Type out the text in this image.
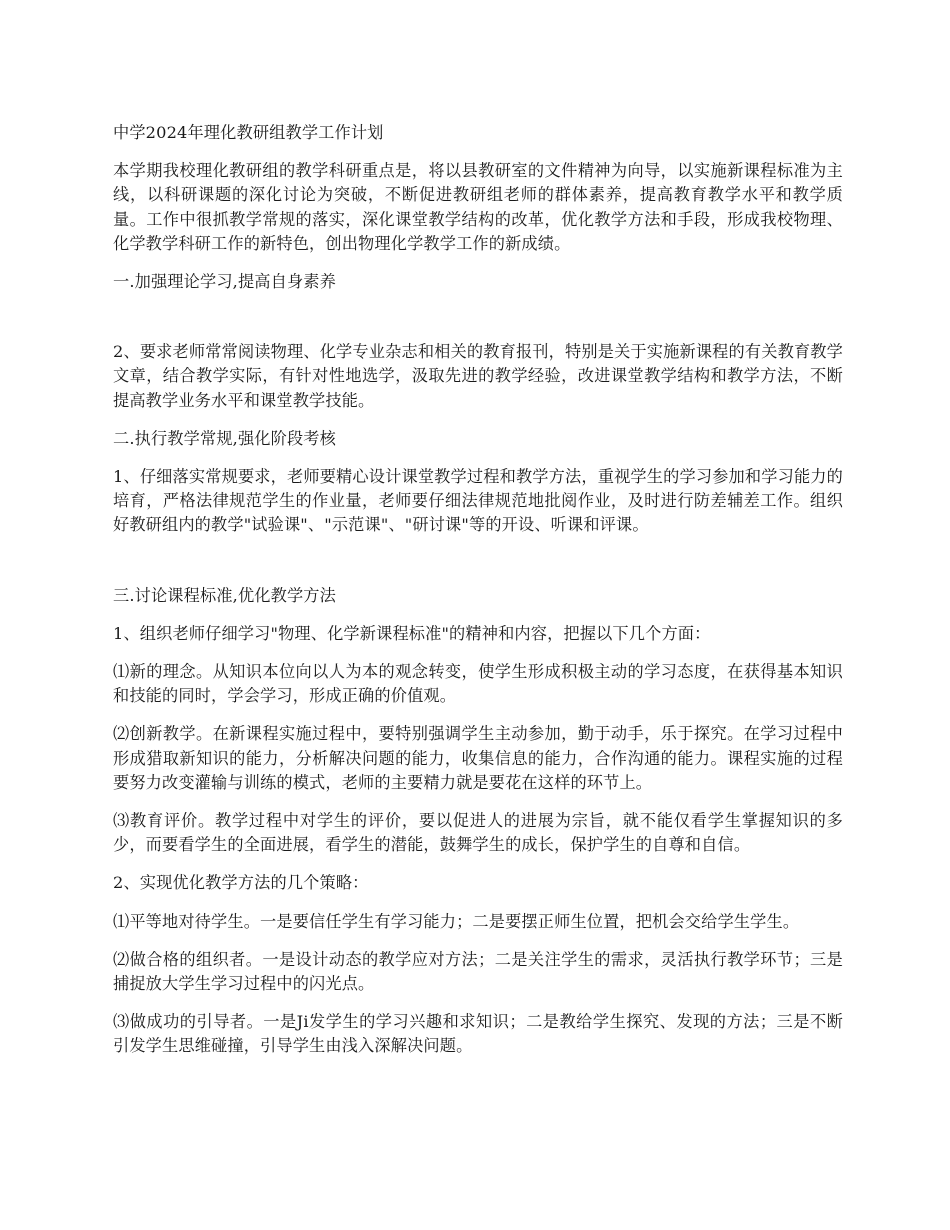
中学2024年理化教研组教学工作计划

本学期我校理化教研组的教学科研重点是，将以县教研室的文件精神为向导，以实施新课程标准为主线，以科研课题的深化讨论为突破，不断促进教研组老师的群体素养，提高教育教学水平和教学质量。工作中很抓教学常规的落实，深化课堂教学结构的改革，优化教学方法和手段，形成我校物理、化学教学科研工作的新特色，创出物理化学教学工作的新成绩。

一.加强理论学习,提高自身素养

2、要求老师常常阅读物理、化学专业杂志和相关的教育报刊，特别是关于实施新课程的有关教育教学文章，结合教学实际，有针对性地选学，汲取先进的教学经验，改进课堂教学结构和教学方法，不断提高教学业务水平和课堂教学技能。

二.执行教学常规,强化阶段考核

1、仔细落实常规要求，老师要精心设计课堂教学过程和教学方法，重视学生的学习参加和学习能力的培育，严格法律规范学生的作业量，老师要仔细法律规范地批阅作业，及时进行防差辅差工作。组织好教研组内的教学"试验课"、"示范课"、"研讨课"等的开设、听课和评课。

三.讨论课程标准,优化教学方法

1、组织老师仔细学习"物理、化学新课程标准"的精神和内容，把握以下几个方面：

⑴新的理念。从知识本位向以人为本的观念转变，使学生形成积极主动的学习态度，在获得基本知识和技能的同时，学会学习，形成正确的价值观。

⑵创新教学。在新课程实施过程中，要特别强调学生主动参加，勤于动手，乐于探究。在学习过程中形成猎取新知识的能力，分析解决问题的能力，收集信息的能力，合作沟通的能力。课程实施的过程要努力改变灌输与训练的模式，老师的主要精力就是要花在这样的环节上。

⑶教育评价。教学过程中对学生的评价，要以促进人的进展为宗旨，就不能仅看学生掌握知识的多少，而要看学生的全面进展，看学生的潜能，鼓舞学生的成长，保护学生的自尊和自信。

2、实现优化教学方法的几个策略：

⑴平等地对待学生。一是要信任学生有学习能力；二是要摆正师生位置，把机会交给学生学生。

⑵做合格的组织者。一是设计动态的教学应对方法；二是关注学生的需求，灵活执行教学环节；三是捕捉放大学生学习过程中的闪光点。

⑶做成功的引导者。一是Ji发学生的学习兴趣和求知识；二是教给学生探究、发现的方法；三是不断引发学生思维碰撞，引导学生由浅入深解决问题。
